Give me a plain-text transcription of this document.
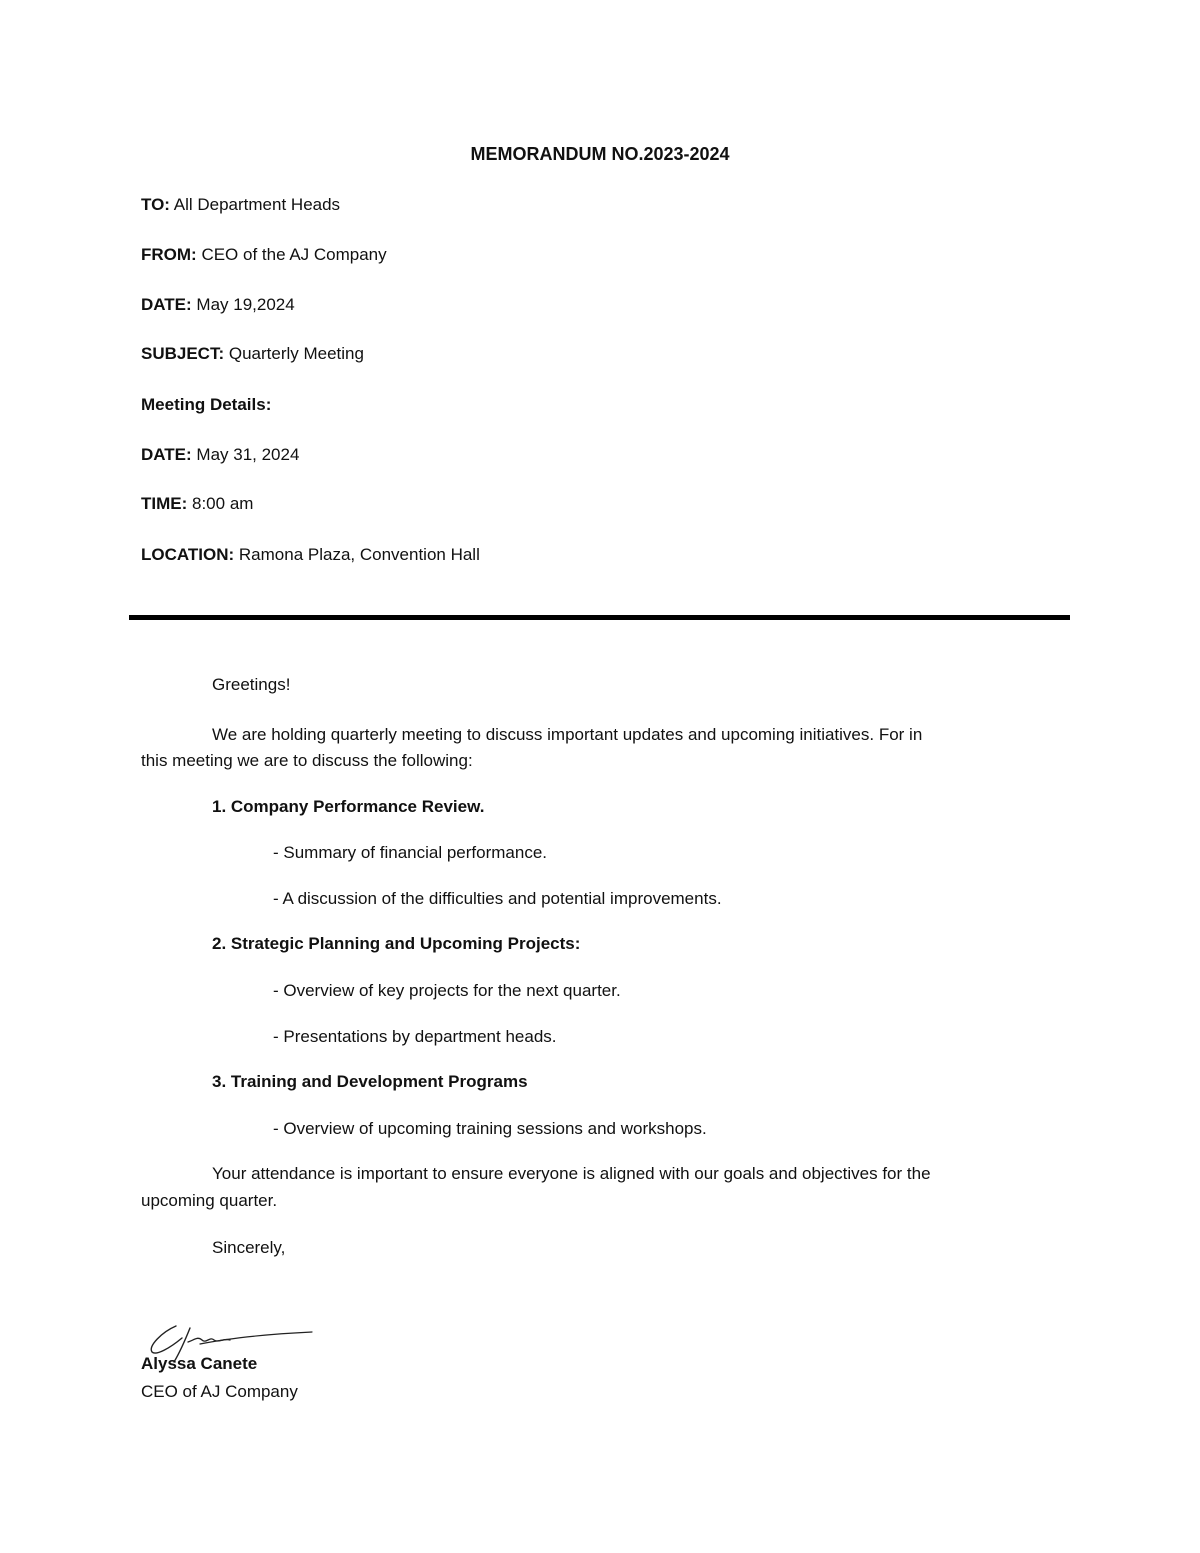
MEMORANDUM NO.2023-2024
TO: All Department Heads
FROM: CEO of the AJ Company
DATE: May 19,2024
SUBJECT: Quarterly Meeting
Meeting Details:
DATE: May 31, 2024
TIME: 8:00 am
LOCATION: Ramona Plaza, Convention Hall
Greetings!
We are holding quarterly meeting to discuss important updates and upcoming initiatives. For in
this meeting we are to discuss the following:
1. Company Performance Review.
- Summary of financial performance.
- A discussion of the difficulties and potential improvements.
2. Strategic Planning and Upcoming Projects:
- Overview of key projects for the next quarter.
- Presentations by department heads.
3. Training and Development Programs
- Overview of upcoming training sessions and workshops.
Your attendance is important to ensure everyone is aligned with our goals and objectives for the
upcoming quarter.
Sincerely,
Alyssa Canete
CEO of AJ Company
